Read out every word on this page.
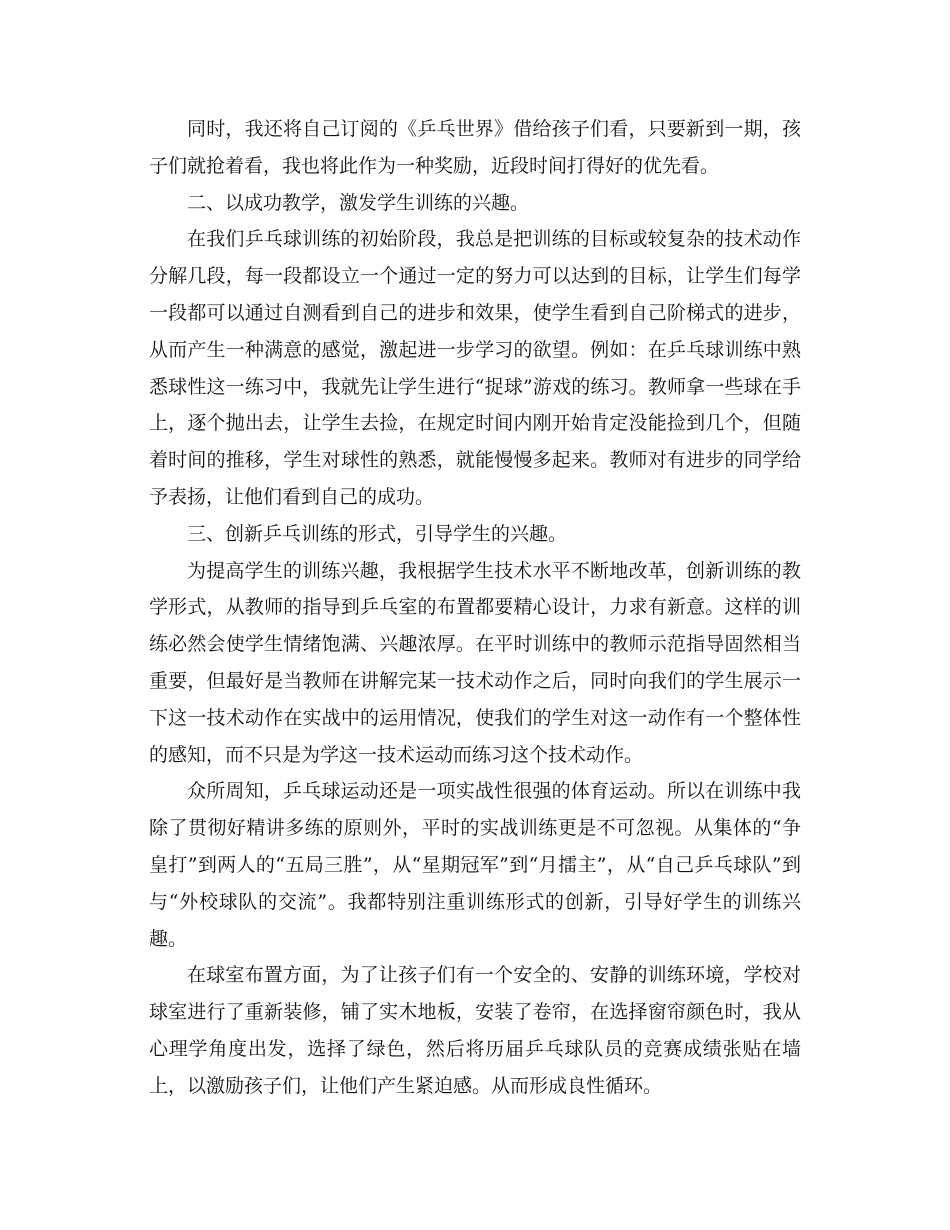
同时，我还将自己订阅的《乒乓世界》借给孩子们看，只要新到一期，孩子们就抢着看，我也将此作为一种奖励，近段时间打得好的优先看。

二、以成功教学，激发学生训练的兴趣。

在我们乒乓球训练的初始阶段，我总是把训练的目标或较复杂的技术动作分解几段，每一段都设立一个通过一定的努力可以达到的目标，让学生们每学一段都可以通过自测看到自己的进步和效果，使学生看到自己阶梯式的进步，从而产生一种满意的感觉，激起进一步学习的欲望。例如：在乒乓球训练中熟悉球性这一练习中，我就先让学生进行“捉球”游戏的练习。教师拿一些球在手上，逐个抛出去，让学生去捡，在规定时间内刚开始肯定没能捡到几个，但随着时间的推移，学生对球性的熟悉，就能慢慢多起来。教师对有进步的同学给予表扬，让他们看到自己的成功。

三、创新乒乓训练的形式，引导学生的兴趣。

为提高学生的训练兴趣，我根据学生技术水平不断地改革，创新训练的教学形式，从教师的指导到乒乓室的布置都要精心设计，力求有新意。这样的训练必然会使学生情绪饱满、兴趣浓厚。在平时训练中的教师示范指导固然相当重要，但最好是当教师在讲解完某一技术动作之后，同时向我们的学生展示一下这一技术动作在实战中的运用情况，使我们的学生对这一动作有一个整体性的感知，而不只是为学这一技术运动而练习这个技术动作。

众所周知，乒乓球运动还是一项实战性很强的体育运动。所以在训练中我除了贯彻好精讲多练的原则外，平时的实战训练更是不可忽视。从集体的“争皇打”到两人的“五局三胜”，从“星期冠军”到“月擂主”，从“自己乒乓球队”到与“外校球队的交流”。我都特别注重训练形式的创新，引导好学生的训练兴趣。

在球室布置方面，为了让孩子们有一个安全的、安静的训练环境，学校对球室进行了重新装修，铺了实木地板，安装了卷帘，在选择窗帘颜色时，我从心理学角度出发，选择了绿色，然后将历届乒乓球队员的竞赛成绩张贴在墙上，以激励孩子们，让他们产生紧迫感。从而形成良性循环。
